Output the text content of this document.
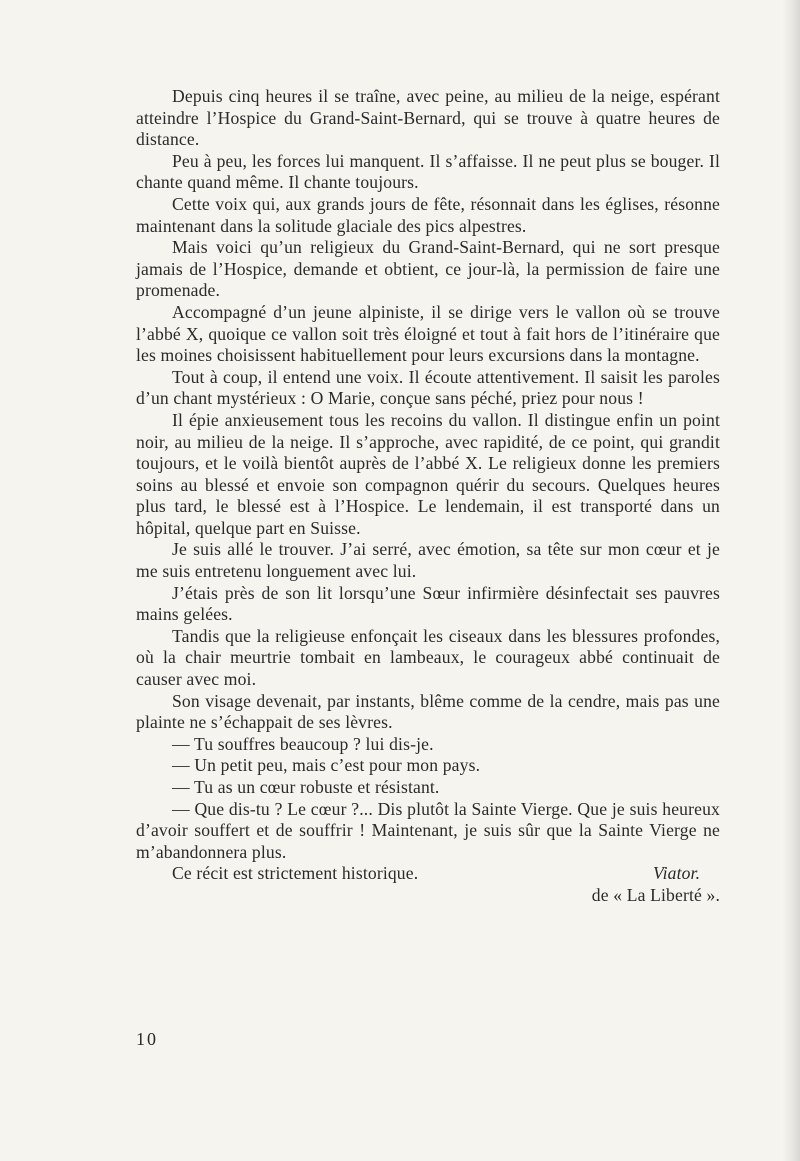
Depuis cinq heures il se traîne, avec peine, au milieu de la neige, espérant atteindre l’Hospice du Grand-Saint-Bernard, qui se trouve à quatre heures de distance.

Peu à peu, les forces lui manquent. Il s’affaisse. Il ne peut plus se bouger. Il chante quand même. Il chante toujours.

Cette voix qui, aux grands jours de fête, résonnait dans les églises, résonne maintenant dans la solitude glaciale des pics alpestres.

Mais voici qu’un religieux du Grand-Saint-Bernard, qui ne sort presque jamais de l’Hospice, demande et obtient, ce jour-là, la permission de faire une promenade.

Accompagné d’un jeune alpiniste, il se dirige vers le vallon où se trouve l’abbé X, quoique ce vallon soit très éloigné et tout à fait hors de l’itinéraire que les moines choisissent habituellement pour leurs excursions dans la montagne.

Tout à coup, il entend une voix. Il écoute attentivement. Il saisit les paroles d’un chant mystérieux : O Marie, conçue sans péché, priez pour nous !

Il épie anxieusement tous les recoins du vallon. Il distingue enfin un point noir, au milieu de la neige. Il s’approche, avec rapidité, de ce point, qui grandit toujours, et le voilà bientôt auprès de l’abbé X. Le religieux donne les premiers soins au blessé et envoie son compagnon quérir du secours. Quelques heures plus tard, le blessé est à l’Hospice. Le lendemain, il est transporté dans un hôpital, quelque part en Suisse.

Je suis allé le trouver. J’ai serré, avec émotion, sa tête sur mon cœur et je me suis entretenu longuement avec lui.

J’étais près de son lit lorsqu’une Sœur infirmière désinfectait ses pauvres mains gelées.

Tandis que la religieuse enfonçait les ciseaux dans les blessures profondes, où la chair meurtrie tombait en lambeaux, le courageux abbé continuait de causer avec moi.

Son visage devenait, par instants, blême comme de la cendre, mais pas une plainte ne s’échappait de ses lèvres.

— Tu souffres beaucoup ? lui dis-je.

— Un petit peu, mais c’est pour mon pays.

— Tu as un cœur robuste et résistant.

— Que dis-tu ? Le cœur ?... Dis plutôt la Sainte Vierge. Que je suis heureux d’avoir souffert et de souffrir ! Maintenant, je suis sûr que la Sainte Vierge ne m’abandonnera plus.

Ce récit est strictement historique.	Viator.

de « La Liberté ».

10
